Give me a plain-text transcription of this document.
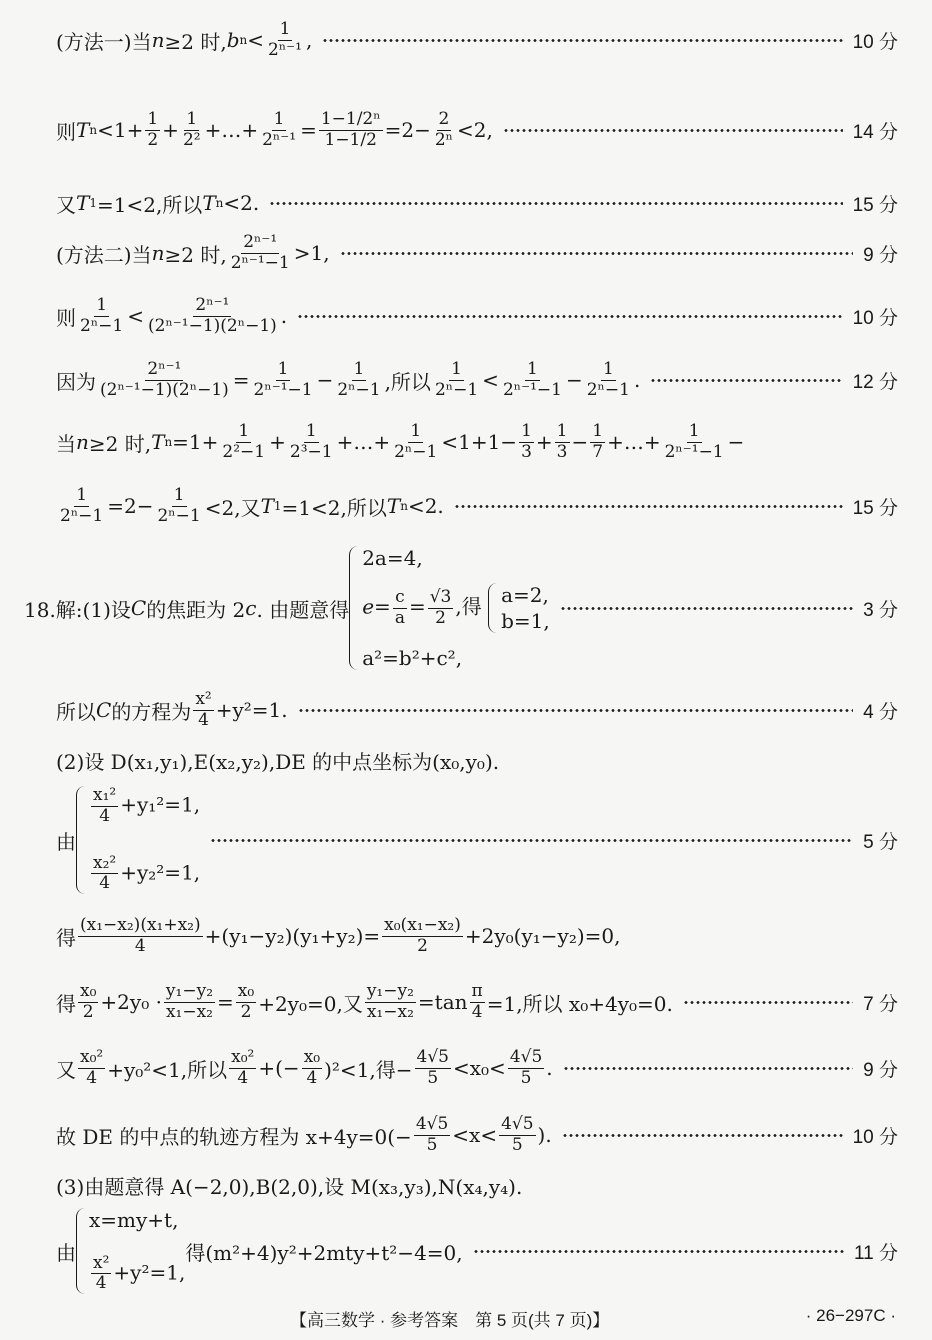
(方法一)当 n ≥2 时, b $n < \frac{1}{\text{2ⁿ⁻¹}}$ ,	10 分
则 T $n < 1 + \frac{1}{2} + \frac{1}{\text{2²}}$ +…+ $\frac{1}{\text{2ⁿ⁻¹}} = \frac{\text{1−1/2ⁿ}}{1-1/2} =2- \frac{2}{\text{2ⁿ}} <2$,	14 分
又 T 1 =1<2,所以 T n <2.	15 分
(方法二)当 n ≥2 时, $\frac{\text{2ⁿ⁻¹}}{\text{2ⁿ⁻¹−1}} >1$,	9 分
则 $\frac{1}{\text{2ⁿ−1}} < \frac{\text{2ⁿ⁻¹}}{\text{(2ⁿ⁻¹−1)(2ⁿ−1)}}$ .	10 分
因为 $\frac{\text{2ⁿ⁻¹}}{\text{(2ⁿ⁻¹−1)(2ⁿ−1)}} = \frac{1}{\text{2ⁿ⁻¹−1}} - \frac{1}{\text{2ⁿ−1}}$ ,所以 $\frac{1}{\text{2ⁿ−1}} < \frac{1}{\text{2ⁿ⁻¹−1}} - \frac{1}{\text{2ⁿ−1}}$ .	12 分
当 n ≥2 时, T $n =1+ \frac{1}{\text{2²−1}} + \frac{1}{\text{2³−1}}$ +…+ $\frac{1}{\text{2ⁿ−1}} <1+1- \frac{1}{3} + \frac{1}{3} - \frac{1}{7}$ +…+ $\frac{1}{\text{2ⁿ⁻¹−1}}$ −
$\frac{1}{\text{2ⁿ−1}} =2- \frac{1}{\text{2ⁿ−1}} <2$,又 T 1 =1<2,所以 T n <2.	15 分
18.解:(1)设 C 的焦距为 2 c . 由题意得
2a=4,
$e= \frac{c}{a} = \frac{√3}{2}$ ,得 a=2,
b=1,
a²=b²+c²,
3 分
所以 C 的方程为 $\frac{\text{x²}}{4} +y^2=1$.	4 分
(2)设 D(x₁,y₁),E(x₂,y₂),DE 的中点坐标为(x₀,y₀).
由
$\frac{\text{x₁²}}{4} +y_1^2=1$,
$\frac{\text{x₂²}}{4} +y_2^2=1$,
5 分
得 $\frac{\text{(x₁−x₂)(x₁+x₂)}}{4} +(y_1-y_2)(y_1+y_2)= \frac{\text{x₀(x₁−x₂)}}{2} +2y_0(y_1-y_2)=0$,
得 $\frac{\text{x₀}}{2} +2y_0 \cdot \frac{\text{y₁−y₂}}{\text{x₁−x₂}} = \frac{\text{x₀}}{2} +2y_0=0$,又 $\frac{\text{y₁−y₂}}{\text{x₁−x₂}} =\tan \frac{\pi}{4} =1$,所以 x₀+4y₀=0.	7 分
又 $\frac{\text{x₀²}}{4} +y_0^2<1$,所以 $\frac{\text{x₀²}}{4}$ +(− $\frac{\text{x₀}}{4} )^2<1$,得− $\frac{4√5}{5} <x_0< \frac{4√5}{5}$ .	9 分
故 DE 的中点的轨迹方程为 $x+4y=0(- \frac{4√5}{5} <x< \frac{4√5}{5}$ ).	10 分
(3)由题意得 A(−2,0),B(2,0),设 M(x₃,y₃),N(x₄,y₄).
由
x=my+t,
$\frac{\text{x²}}{4} +y^2=1$,
得(m²+4)y²+2mty+t²−4=0,	11 分
【高三数学 · 参考答案　第 5 页(共 7 页)】	· 26−297C ·
